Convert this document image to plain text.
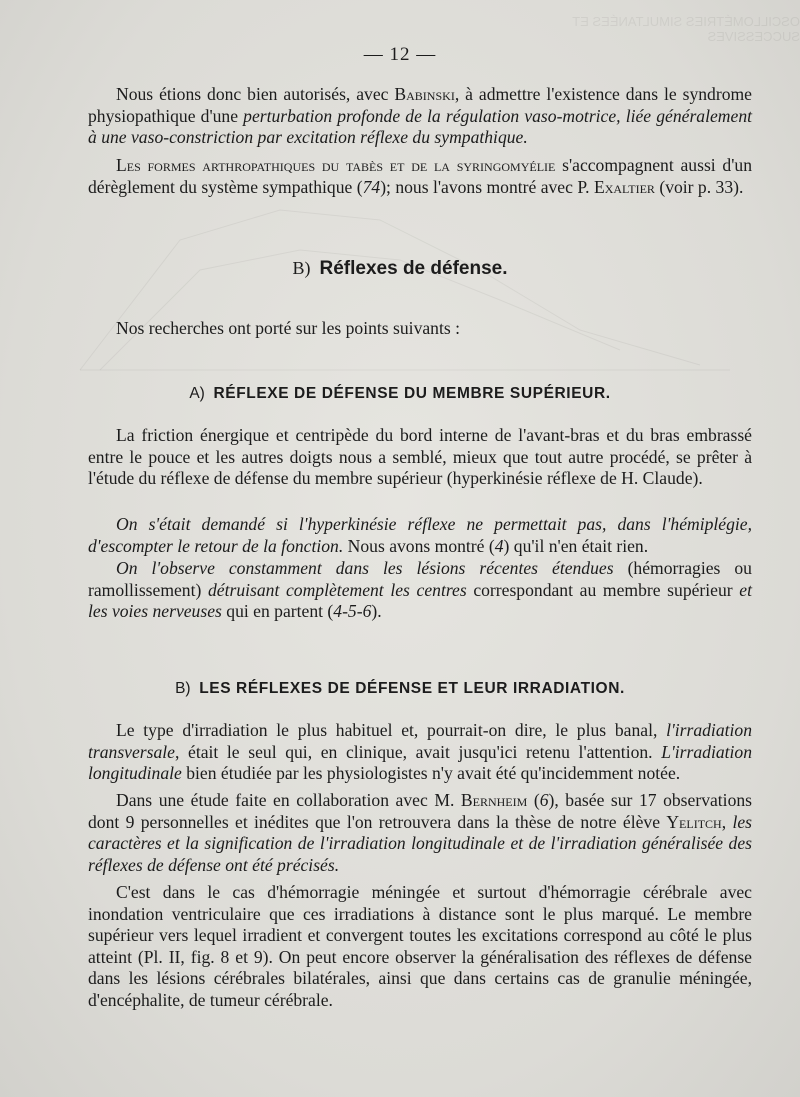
OSCILLOMÉTRIES SIMULTANÉES ET SUCCESSIVES
— 12 —

Nous étions donc bien autorisés, avec Babinski, à admettre l'existence dans le syndrome physiopathique d'une perturbation profonde de la régulation vaso-motrice, liée généralement à une vaso-constriction par excitation réflexe du sympathique.

Les formes arthropathiques du tabès et de la syringomyélie s'accompagnent aussi d'un dérèglement du système sympathique (74); nous l'avons montré avec P. Exaltier (voir p. 33).

B) Réflexes de défense.

Nos recherches ont porté sur les points suivants :

A) RÉFLEXE DE DÉFENSE DU MEMBRE SUPÉRIEUR.

La friction énergique et centripède du bord interne de l'avant-bras et du bras embrassé entre le pouce et les autres doigts nous a semblé, mieux que tout autre procédé, se prêter à l'étude du réflexe de défense du membre supérieur (hyperkinésie réflexe de H. Claude).

On s'était demandé si l'hyperkinésie réflexe ne permettait pas, dans l'hémiplégie, d'escompter le retour de la fonction. Nous avons montré (4) qu'il n'en était rien.

On l'observe constamment dans les lésions récentes étendues (hémorragies ou ramollissement) détruisant complètement les centres correspondant au membre supérieur et les voies nerveuses qui en partent (4-5-6).

B) LES RÉFLEXES DE DÉFENSE ET LEUR IRRADIATION.

Le type d'irradiation le plus habituel et, pourrait-on dire, le plus banal, l'irradiation transversale, était le seul qui, en clinique, avait jusqu'ici retenu l'attention. L'irradiation longitudinale bien étudiée par les physiologistes n'y avait été qu'incidemment notée.

Dans une étude faite en collaboration avec M. Bernheim (6), basée sur 17 observations dont 9 personnelles et inédites que l'on retrouvera dans la thèse de notre élève Yelitch, les caractères et la signification de l'irradiation longitudinale et de l'irradiation généralisée des réflexes de défense ont été précisés.

C'est dans le cas d'hémorragie méningée et surtout d'hémorragie cérébrale avec inondation ventriculaire que ces irradiations à distance sont le plus marqué. Le membre supérieur vers lequel irradient et convergent toutes les excitations correspond au côté le plus atteint (Pl. II, fig. 8 et 9). On peut encore observer la généralisation des réflexes de défense dans les lésions cérébrales bilatérales, ainsi que dans certains cas de granulie méningée, d'encéphalite, de tumeur cérébrale.
